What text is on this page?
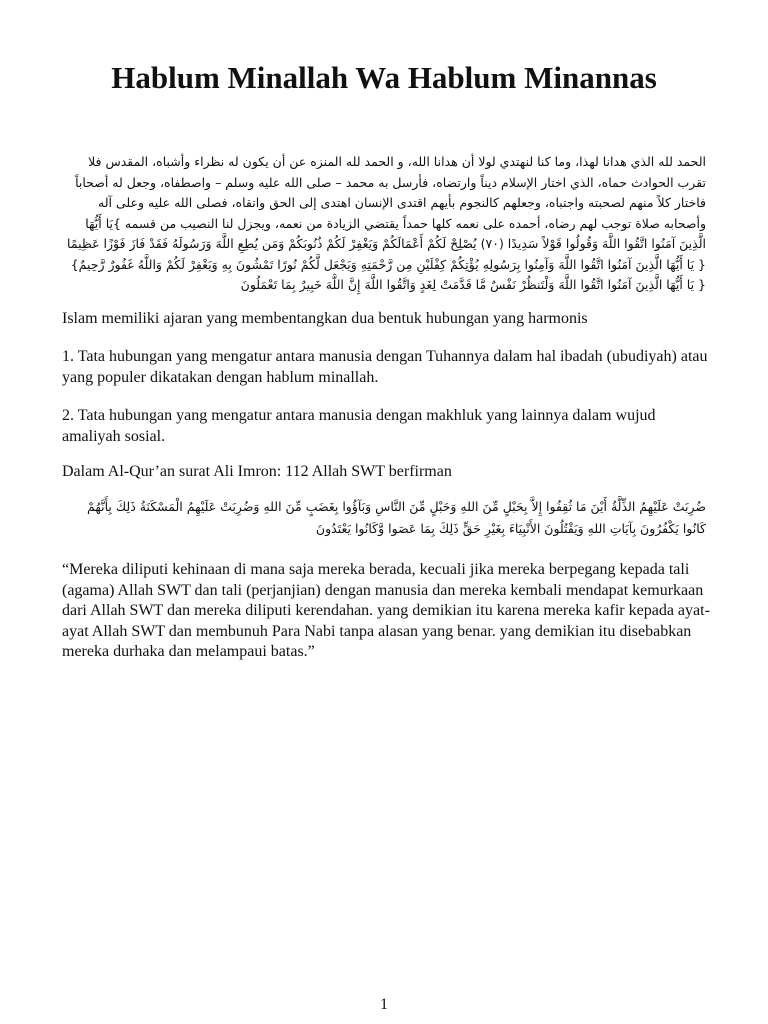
Hablum Minallah Wa Hablum Minannas

الحمد لله الذي هدانا لهذا، وما كنا لنهتدي لولا أن هدانا الله، و الحمد لله المنزه عن أن يكون له نظراء وأشباه، المقدس فلا تقرب الحوادث حماه، الذي اختار الإسلام ديناً وارتضاه، فأرسل به محمد – صلى الله عليه وسلم – واصطفاه، وجعل له أصحاباً فاختار كلاً منهم لصحبته واجتباه، وجعلهم كالنجوم بأيهم اقتدى الإنسان اهتدى إلى الحق واتقاه، فصلى الله عليه وعلى آله وأصحابه صلاة توجب لهم رضاه، أحمده على نعمه كلها حمداً يقتضي الزيادة من نعمه، ويجزل لنا النصيب من قسمه }يَا أَيُّهَا الَّذِينَ آمَنُوا اتَّقُوا اللَّهَ وَقُولُوا قَوْلاً سَدِيدًا (٧٠) يُصْلِحْ لَكُمْ أَعْمَالَكُمْ وَيَغْفِرْ لَكُمْ ذُنُوبَكُمْ وَمَن يُطِعِ اللَّهَ وَرَسُولَهُ فَقَدْ فَازَ فَوْزًا عَظِيمًا { يَا أَيُّهَا الَّذِينَ آمَنُوا اتَّقُوا اللَّهَ وَآمِنُوا بِرَسُولِهِ يُؤْتِكُمْ كِفْلَيْنِ مِن رَّحْمَتِهِ وَيَجْعَل لَّكُمْ نُورًا تَمْشُونَ بِهِ وَيَغْفِرْ لَكُمْ وَاللَّهُ غَفُورٌ رَّحِيمٌ} { يَا أَيُّهَا الَّذِينَ آمَنُوا اتَّقُوا اللَّهَ وَلْتَنظُرْ نَفْسٌ مَّا قَدَّمَتْ لِغَدٍ وَاتَّقُوا اللَّهَ إِنَّ اللَّهَ خَبِيرٌ بِمَا تَعْمَلُونَ

Islam memiliki ajaran yang membentangkan dua bentuk hubungan yang harmonis

1. Tata hubungan yang mengatur antara manusia dengan Tuhannya dalam hal ibadah (ubudiyah) atau yang populer dikatakan dengan hablum minallah.

2. Tata hubungan yang mengatur antara manusia dengan makhluk yang lainnya dalam wujud amaliyah sosial.

Dalam Al-Qur’an surat Ali Imron: 112 Allah SWT berfirman

ضُرِبَتْ عَلَيْهِمُ الذِّلَّةُ أَيْنَ مَا ثُقِفُوا إِلاَّ بِحَبْلٍ مِّنَ اللهِ وَحَبْلٍ مِّنَ النَّاسِ وَبَآؤُوا بِغَضَبٍ مِّنَ اللهِ وَضُرِبَتْ عَلَيْهِمُ الْمَسْكَنَةُ ذَلِكَ بِأَنَّهُمْ كَانُوا يَكْفُرُونَ بِآيَاتِ اللهِ وَيَقْتُلُونَ الأَنْبِيَاءَ بِغَيْرِ حَقٍّ ذَلِكَ بِمَا عَصَوا وَّكَانُوا يَعْتَدُونَ

“Mereka diliputi kehinaan di mana saja mereka berada, kecuali jika mereka berpegang kepada tali (agama) Allah SWT dan tali (perjanjian) dengan manusia dan mereka kembali mendapat kemurkaan dari Allah SWT dan mereka diliputi kerendahan. yang demikian itu karena mereka kafir kepada ayat-ayat Allah SWT dan membunuh Para Nabi tanpa alasan yang benar. yang demikian itu disebabkan mereka durhaka dan melampaui batas.”

1
